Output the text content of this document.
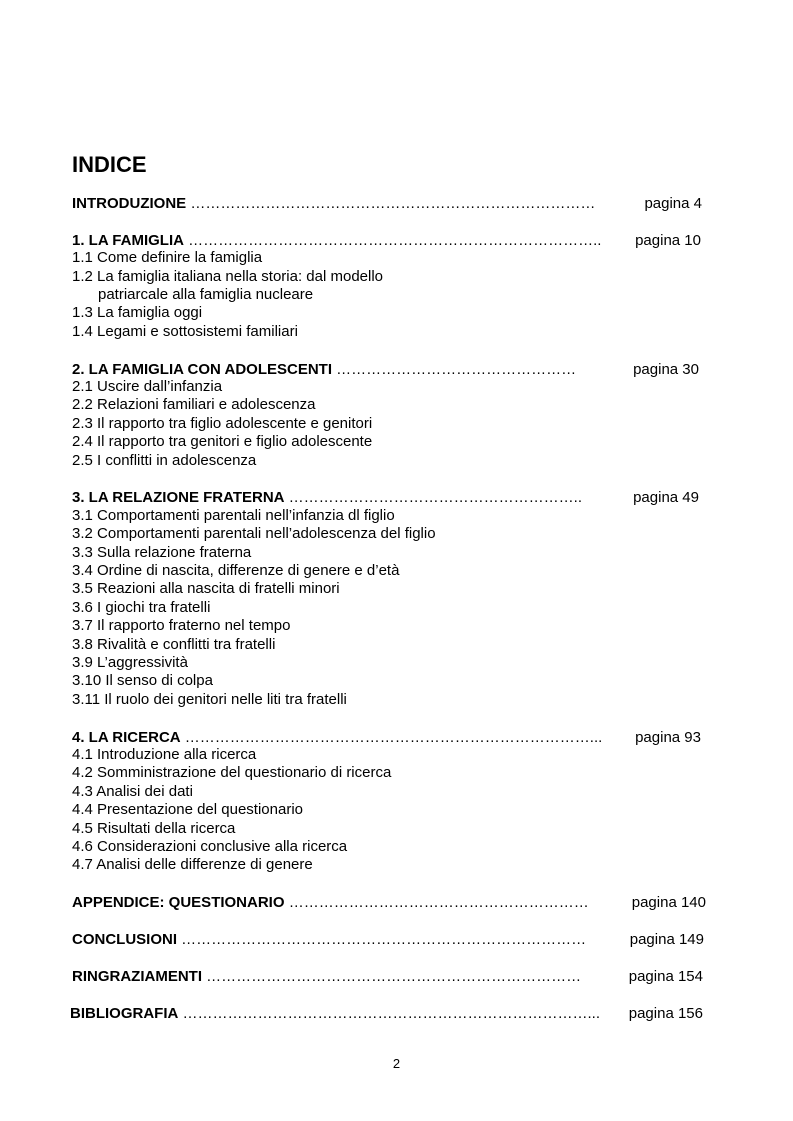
INDICE
INTRODUZIONE ………………………………………………………………………	pagina 4
1. LA FAMIGLIA ……………………………………………………………………….. pagina 10
1.1 Come definire la famiglia
1.2 La famiglia italiana nella storia: dal modello
patriarcale alla famiglia nucleare
1.3 La famiglia oggi
1.4 Legami e sottosistemi familiari
2. LA FAMIGLIA CON ADOLESCENTI …………………………………………	pagina 30
2.1 Uscire dall’infanzia
2.2 Relazioni familiari e adolescenza
2.3 Il rapporto tra figlio adolescente e genitori
2.4 Il rapporto tra genitori e figlio adolescente
2.5 I conflitti in adolescenza
3. LA RELAZIONE FRATERNA …………………………………………………..	pagina 49
3.1 Comportamenti parentali nell’infanzia dl figlio
3.2 Comportamenti parentali nell’adolescenza del figlio
3.3 Sulla relazione fraterna
3.4 Ordine di nascita, differenze di genere e d’età
3.5 Reazioni alla nascita di fratelli minori
3.6 I giochi tra fratelli
3.7 Il rapporto fraterno nel tempo
3.8 Rivalità e conflitti tra fratelli
3.9 L’aggressività
3.10 Il senso di colpa
3.11 Il ruolo dei genitori nelle liti tra fratelli
4. LA RICERCA ………………………………………………………………………... pagina 93
4.1 Introduzione alla ricerca
4.2 Somministrazione del questionario di ricerca
4.3 Analisi dei dati
4.4 Presentazione del questionario
4.5 Risultati della ricerca
4.6 Considerazioni conclusive alla ricerca
4.7 Analisi delle differenze di genere
APPENDICE: QUESTIONARIO ……………………………………………………	pagina 140
CONCLUSIONI ………………………………………………………………………	pagina 149
RINGRAZIAMENTI …………………………………………………………………	pagina 154
BIBLIOGRAFIA ………………………………………………………………………... pagina 156
2
